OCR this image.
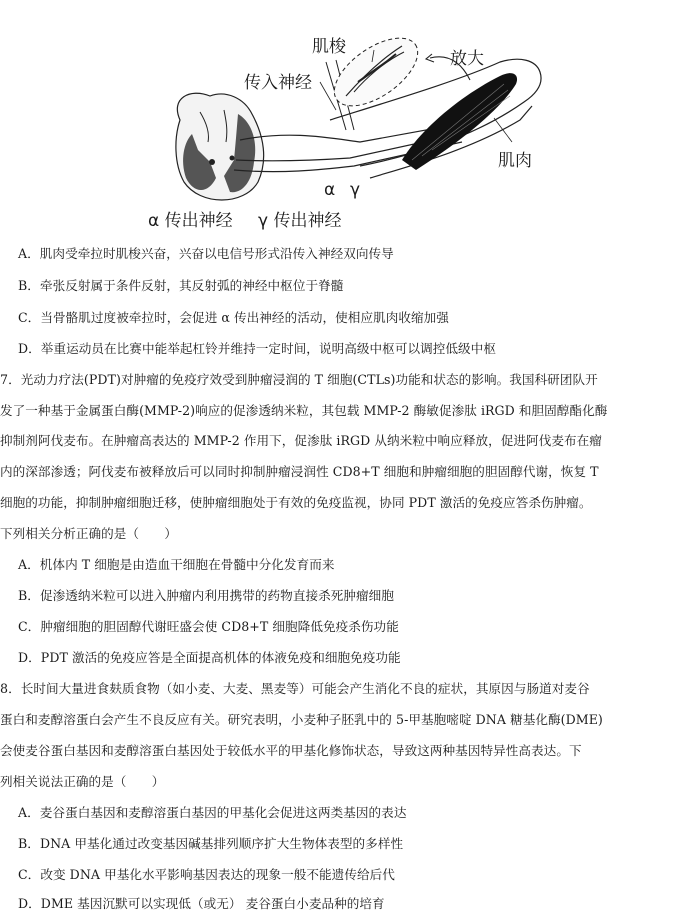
肌梭
放大
传入神经
α γ
肌肉
α 传出神经 γ 传出神经
A．肌肉受牵拉时肌梭兴奋，兴奋以电信号形式沿传入神经双向传导
B．牵张反射属于条件反射，其反射弧的神经中枢位于脊髓
C．当骨骼肌过度被牵拉时，会促进 α 传出神经的活动，使相应肌肉收缩加强
D．举重运动员在比赛中能举起杠铃并维持一定时间，说明高级中枢可以调控低级中枢
7．光动力疗法(PDT)对肿瘤的免疫疗效受到肿瘤浸润的 T 细胞(CTLs)功能和状态的影响。我国科研团队开
发了一种基于金属蛋白酶(MMP-2)响应的促渗透纳米粒，其包载 MMP-2 酶敏促渗肽 iRGD 和胆固醇酯化酶
抑制剂阿伐麦布。在肿瘤高表达的 MMP-2 作用下，促渗肽 iRGD 从纳米粒中响应释放，促进阿伐麦布在瘤
内的深部渗透；阿伐麦布被释放后可以同时抑制肿瘤浸润性 CD8+T 细胞和肿瘤细胞的胆固醇代谢，恢复 T
细胞的功能，抑制肿瘤细胞迁移，使肿瘤细胞处于有效的免疫监视，协同 PDT 激活的免疫应答杀伤肿瘤。
下列相关分析正确的是（　　）
A．机体内 T 细胞是由造血干细胞在骨髓中分化发育而来
B．促渗透纳米粒可以进入肿瘤内利用携带的药物直接杀死肿瘤细胞
C．肿瘤细胞的胆固醇代谢旺盛会使 CD8+T 细胞降低免疫杀伤功能
D．PDT 激活的免疫应答是全面提高机体的体液免疫和细胞免疫功能
8．长时间大量进食麸质食物（如小麦、大麦、黑麦等）可能会产生消化不良的症状，其原因与肠道对麦谷
蛋白和麦醇溶蛋白会产生不良反应有关。研究表明，小麦种子胚乳中的 5-甲基胞嘧啶 DNA 糖基化酶(DME)
会使麦谷蛋白基因和麦醇溶蛋白基因处于较低水平的甲基化修饰状态，导致这两种基因特异性高表达。下
列相关说法正确的是（　　）
A．麦谷蛋白基因和麦醇溶蛋白基因的甲基化会促进这两类基因的表达
B．DNA 甲基化通过改变基因碱基排列顺序扩大生物体表型的多样性
C．改变 DNA 甲基化水平影响基因表达的现象一般不能遗传给后代
D．DME 基因沉默可以实现低（或无） 麦谷蛋白小麦品种的培育
